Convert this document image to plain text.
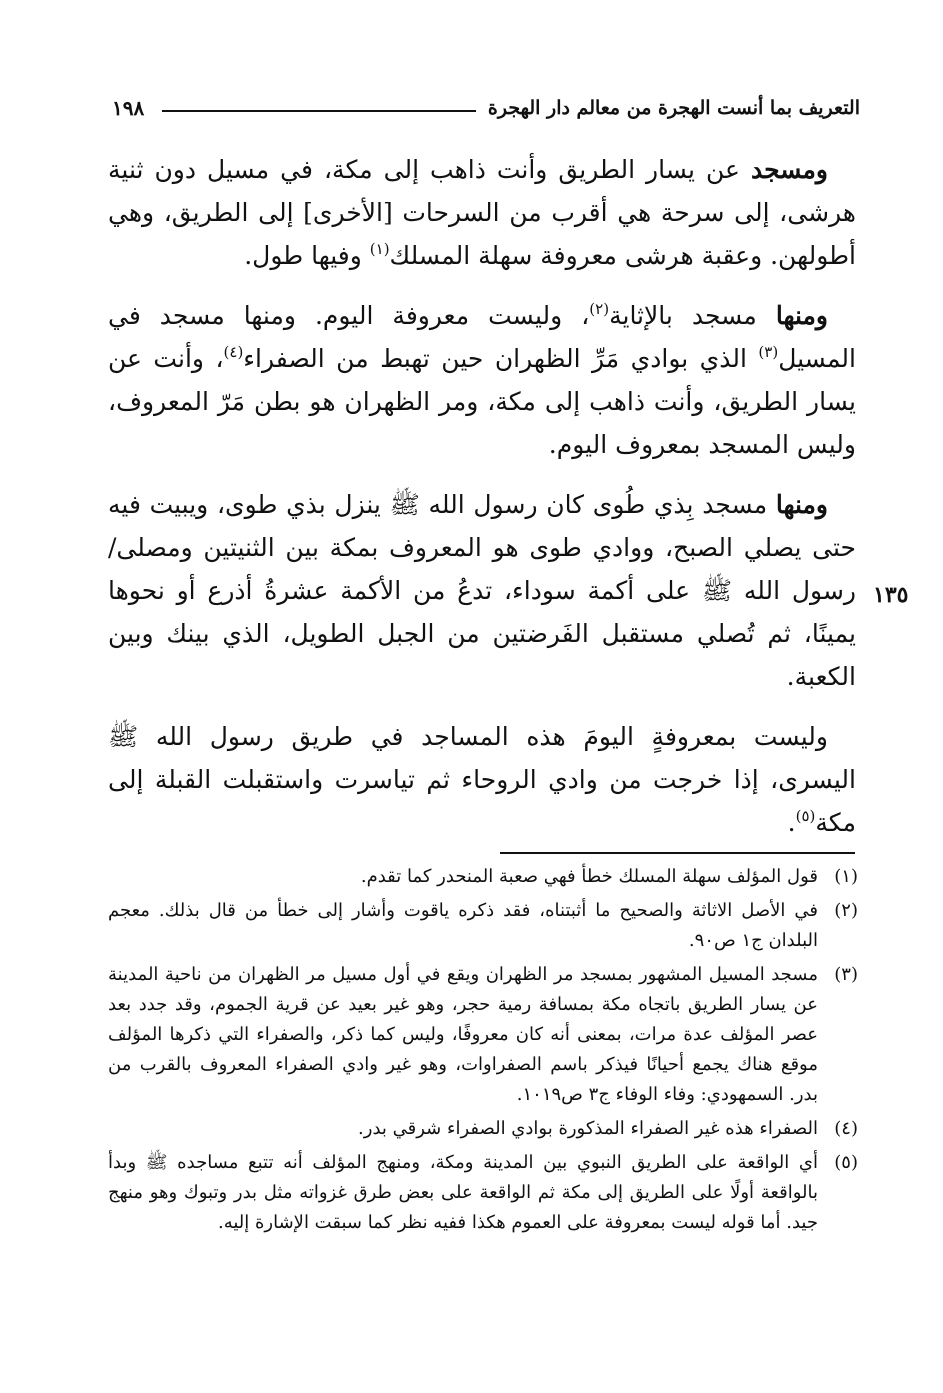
التعريف بما أنست الهجرة من معالم دار الهجرة
١٩٨

ومسجد عن يسار الطريق وأنت ذاهب إلى مكة، في مسيل دون ثنية هرشى، إلى سرحة هي أقرب من السرحات [الأخرى] إلى الطريق، وهي أطولهن. وعقبة هرشى معروفة سهلة المسلك$^{(١)}$ وفيها طول.

ومنها مسجد بالإثاية$^{(٢)}$، وليست معروفة اليوم. ومنها مسجد في المسيل$^{(٣)}$ الذي بوادي مَرِّ الظهران حين تهبط من الصفراء$^{(٤)}$، وأنت عن يسار الطريق، وأنت ذاهب إلى مكة، ومر الظهران هو بطن مَرّ المعروف، وليس المسجد بمعروف اليوم.

ومنها مسجد بِذي طُوى كان رسول الله ﷺ ينزل بذي طوى، ويبيت فيه حتى يصلي الصبح، ووادي طوى هو المعروف بمكة بين الثنيتين ومصلى/ رسول الله ﷺ على أكمة سوداء، تدعُ من الأكمة عشرةُ أذرع أو نحوها يمينًا، ثم تُصلي مستقبل الفَرضتين من الجبل الطويل، الذي بينك وبين الكعبة.

وليست بمعروفةٍ اليومَ هذه المساجد في طريق رسول الله ﷺ اليسرى، إذا خرجت من وادي الروحاء ثم تياسرت واستقبلت القبلة إلى مكة$^{(٥)}$.

١٣٥
(١)
قول المؤلف سهلة المسلك خطأ فهي صعبة المنحدر كما تقدم.
(٢)
في الأصل الاثاثة والصحيح ما أثبتناه، فقد ذكره ياقوت وأشار إلى خطأ من قال بذلك. معجم البلدان ج١ ص٩٠.
(٣)
مسجد المسيل المشهور بمسجد مر الظهران ويقع في أول مسيل مر الظهران من ناحية المدينة عن يسار الطريق باتجاه مكة بمسافة رمية حجر، وهو غير بعيد عن قرية الجموم، وقد جدد بعد عصر المؤلف عدة مرات، بمعنى أنه كان معروفًا، وليس كما ذكر، والصفراء التي ذكرها المؤلف موقع هناك يجمع أحيانًا فيذكر باسم الصفراوات، وهو غير وادي الصفراء المعروف بالقرب من بدر. السمهودي: وفاء الوفاء ج٣ ص١٠١٩.
(٤)
الصفراء هذه غير الصفراء المذكورة بوادي الصفراء شرقي بدر.
(٥)
أي الواقعة على الطريق النبوي بين المدينة ومكة، ومنهج المؤلف أنه تتبع مساجده ﷺ وبدأ بالواقعة أولًا على الطريق إلى مكة ثم الواقعة على بعض طرق غزواته مثل بدر وتبوك وهو منهج جيد. أما قوله ليست بمعروفة على العموم هكذا ففيه نظر كما سبقت الإشارة إليه.
